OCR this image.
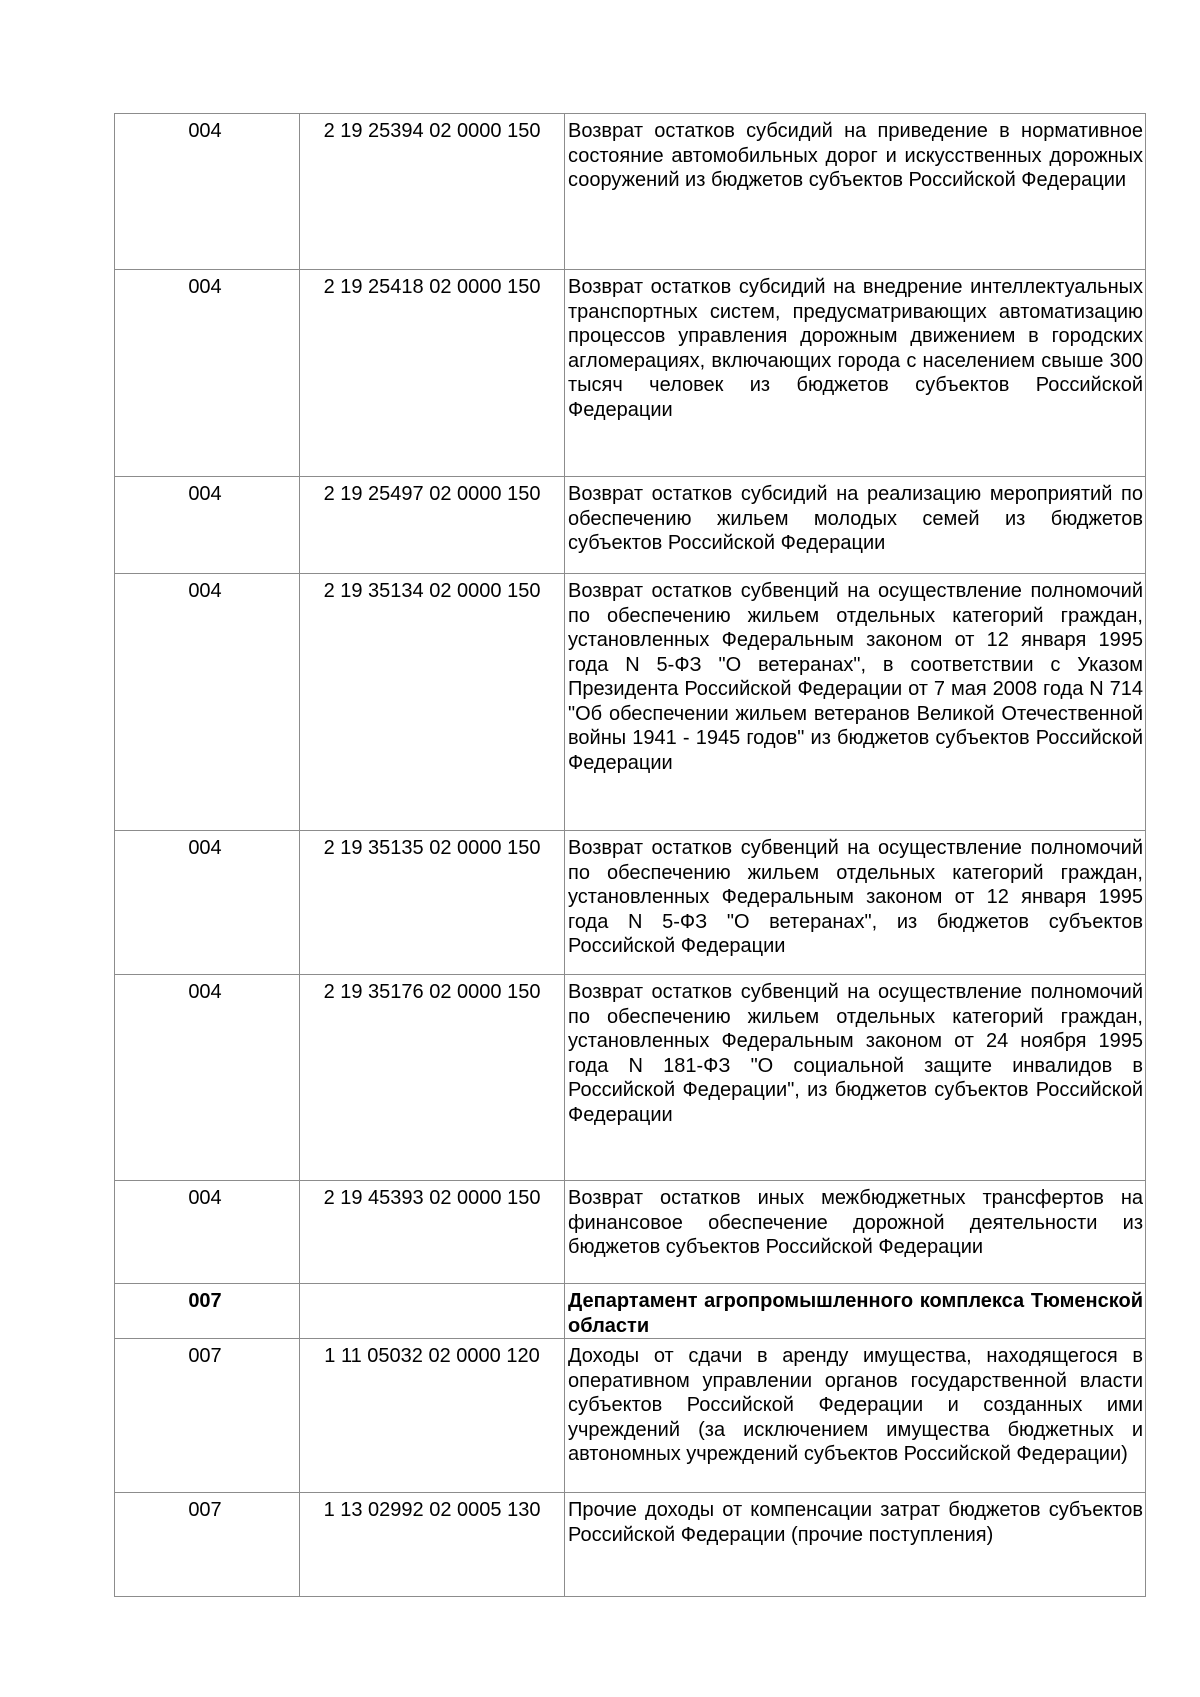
004	2 19 25394 02 0000 150	Возврат остатков субсидий на приведение в нормативное состояние автомобильных дорог и искусственных дорожных сооружений из бюджетов субъектов Российской Федерации
004	2 19 25418 02 0000 150	Возврат остатков субсидий на внедрение интеллектуальных транспортных систем, предусматривающих автоматизацию процессов управления дорожным движением в городских агломерациях, включающих города с населением свыше 300 тысяч человек из бюджетов субъектов Российской Федерации
004	2 19 25497 02 0000 150	Возврат остатков субсидий на реализацию мероприятий по обеспечению жильем молодых семей из бюджетов субъектов Российской Федерации
004	2 19 35134 02 0000 150	Возврат остатков субвенций на осуществление полномочий по обеспечению жильем отдельных категорий граждан, установленных Федеральным законом от 12 января 1995 года N 5-ФЗ "О ветеранах", в соответствии с Указом Президента Российской Федерации от 7 мая 2008 года N 714 "Об обеспечении жильем ветеранов Великой Отечественной войны 1941 - 1945 годов" из бюджетов субъектов Российской Федерации
004	2 19 35135 02 0000 150	Возврат остатков субвенций на осуществление полномочий по обеспечению жильем отдельных категорий граждан, установленных Федеральным законом от 12 января 1995 года N 5-ФЗ "О ветеранах", из бюджетов субъектов Российской Федерации
004	2 19 35176 02 0000 150	Возврат остатков субвенций на осуществление полномочий по обеспечению жильем отдельных категорий граждан, установленных Федеральным законом от 24 ноября 1995 года N 181-ФЗ "О социальной защите инвалидов в Российской Федерации", из бюджетов субъектов Российской Федерации
004	2 19 45393 02 0000 150	Возврат остатков иных межбюджетных трансфертов на финансовое обеспечение дорожной деятельности из бюджетов субъектов Российской Федерации
007		Департамент агропромышленного комплекса Тюменской области
007	1 11 05032 02 0000 120	Доходы от сдачи в аренду имущества, находящегося в оперативном управлении органов государственной власти субъектов Российской Федерации и созданных ими учреждений (за исключением имущества бюджетных и автономных учреждений субъектов Российской Федерации)
007	1 13 02992 02 0005 130	Прочие доходы от компенсации затрат бюджетов субъектов Российской Федерации (прочие поступления)
